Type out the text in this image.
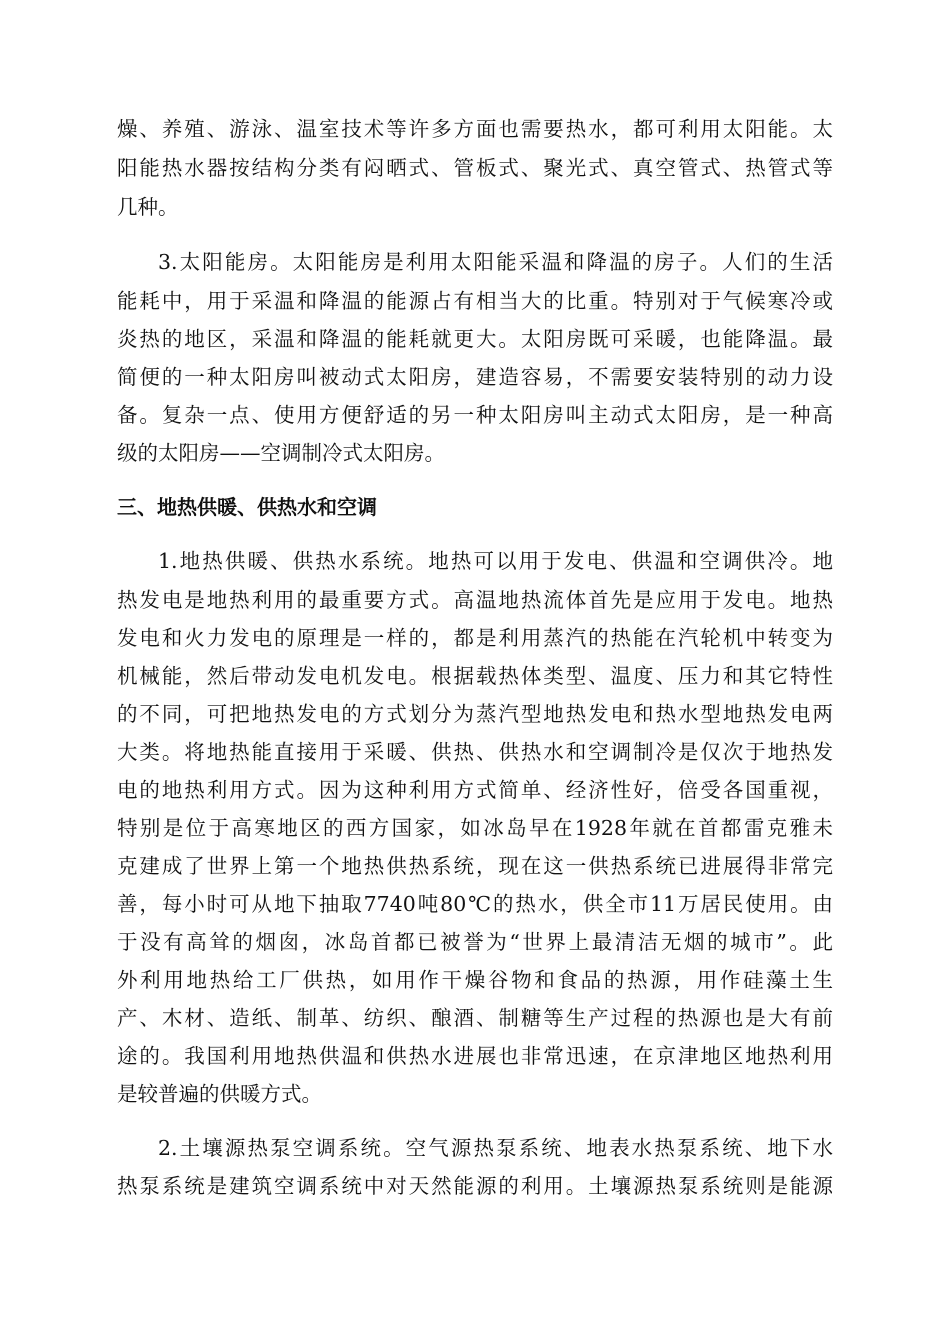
燥、养殖、游泳、温室技术等许多方面也需要热水，都可利用太阳能。太
阳能热水器按结构分类有闷晒式、管板式、聚光式、真空管式、热管式等
几种。
3.太阳能房。太阳能房是利用太阳能采温和降温的房子。人们的生活
能耗中，用于采温和降温的能源占有相当大的比重。特别对于气候寒冷或
炎热的地区，采温和降温的能耗就更大。太阳房既可采暖，也能降温。最
简便的一种太阳房叫被动式太阳房，建造容易，不需要安装特别的动力设
备。复杂一点、使用方便舒适的另一种太阳房叫主动式太阳房，是一种高
级的太阳房——空调制冷式太阳房。
三、地热供暖、供热水和空调
1.地热供暖、供热水系统。地热可以用于发电、供温和空调供冷。地
热发电是地热利用的最重要方式。高温地热流体首先是应用于发电。地热
发电和火力发电的原理是一样的，都是利用蒸汽的热能在汽轮机中转变为
机械能，然后带动发电机发电。根据载热体类型、温度、压力和其它特性
的不同，可把地热发电的方式划分为蒸汽型地热发电和热水型地热发电两
大类。将地热能直接用于采暖、供热、供热水和空调制冷是仅次于地热发
电的地热利用方式。因为这种利用方式简单、经济性好，倍受各国重视，
特别是位于高寒地区的西方国家，如冰岛早在1928年就在首都雷克雅未
克建成了世界上第一个地热供热系统，现在这一供热系统已进展得非常完
善，每小时可从地下抽取7740吨80℃的热水，供全市11万居民使用。由
于没有高耸的烟囱，冰岛首都已被誉为“世界上最清洁无烟的城市”。此
外利用地热给工厂供热，如用作干燥谷物和食品的热源，用作硅藻土生
产、木材、造纸、制革、纺织、酿酒、制糖等生产过程的热源也是大有前
途的。我国利用地热供温和供热水进展也非常迅速，在京津地区地热利用
是较普遍的供暖方式。
2.土壤源热泵空调系统。空气源热泵系统、地表水热泵系统、地下水
热泵系统是建筑空调系统中对天然能源的利用。土壤源热泵系统则是能源
